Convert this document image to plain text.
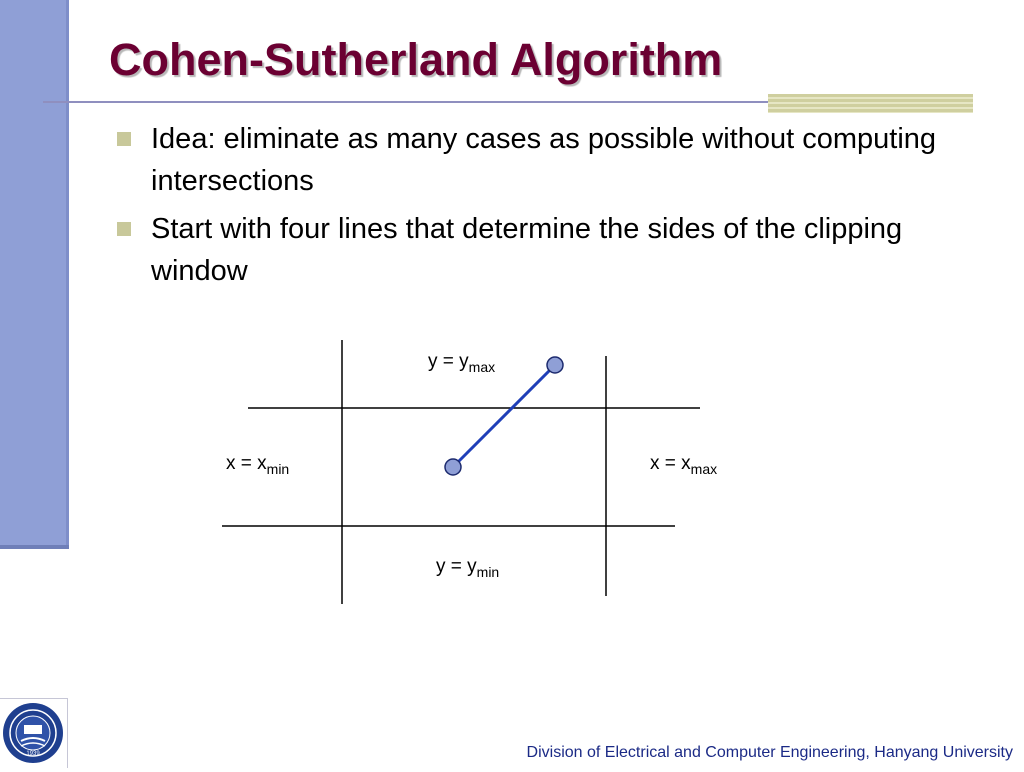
Cohen-Sutherland Algorithm
Idea: eliminate as many cases as possible without computing intersections
Start with four lines that determine the sides of the clipping window
$y = y_{max}$
$y = y_{min}$
$x = x_{min}$	$x = x_{max}$
1939	Division of Electrical and Computer Engineering, Hanyang University
